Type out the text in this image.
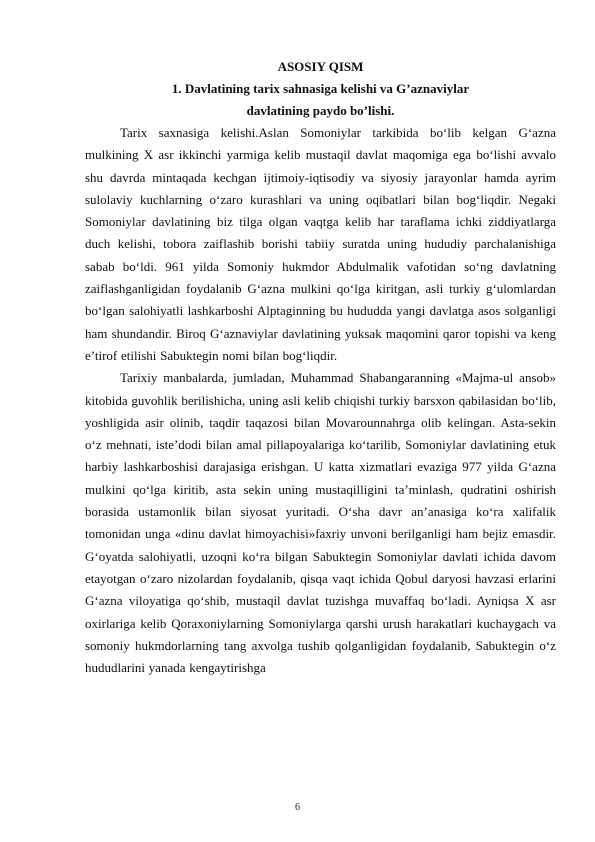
ASOSIY QISM

1. Davlatining tarix sahnasiga kelishi va G’aznaviylar

davlatining paydo bo’lishi.

Tarix saxnasiga kelishi.Aslan Somoniylar tarkibida bo‘lib kelgan G‘azna mulkining X asr ikkinchi yarmiga kelib mustaqil davlat maqomiga ega bo‘lishi avvalo shu davrda mintaqada kechgan ijtimoiy-iqtisodiy va siyosiy jarayonlar hamda ayrim sulolaviy kuchlarning o‘zaro kurashlari va uning oqibatlari bilan bog‘liqdir. Negaki Somoniylar davlatining biz tilga olgan vaqtga kelib har taraflama ichki ziddiyatlarga duch kelishi, tobora zaiflashib borishi tabiiy suratda uning hududiy parchalanishiga sabab bo‘ldi. 961 yilda Somoniy hukmdor Abdulmalik vafotidan so‘ng davlatning zaiflashganligidan foydalanib G‘azna mulkini qo‘lga kiritgan, asli turkiy g‘ulomlardan bo‘lgan salohiyatli lashkarboshi Alptaginning bu hududda yangi davlatga asos solganligi ham shundandir. Biroq G‘aznaviylar davlatining yuksak maqomini qaror topishi va keng e’tirof etilishi Sabuktegin nomi bilan bog‘liqdir.

Tarixiy manbalarda, jumladan, Muhammad Shabangaranning «Majma-ul ansob» kitobida guvohlik berilishicha, uning asli kelib chiqishi turkiy barsxon qabilasidan bo‘lib, yoshligida asir olinib, taqdir taqazosi bilan Movarounnahrga olib kelingan. Asta-sekin o‘z mehnati, iste’dodi bilan amal pillapoyalariga ko‘tarilib, Somoniylar davlatining etuk harbiy lashkarboshisi darajasiga erishgan. U katta xizmatlari evaziga 977 yilda G‘azna mulkini qo‘lga kiritib, asta sekin uning mustaqilligini ta’minlash, qudratini oshirish borasida ustamonlik bilan siyosat yuritadi. O‘sha davr an’anasiga ko‘ra xalifalik tomonidan unga «dinu davlat himoyachisi»faxriy unvoni berilganligi ham bejiz emasdir. G‘oyatda salohiyatli, uzoqni ko‘ra bilgan Sabuktegin Somoniylar davlati ichida davom etayotgan o‘zaro nizolardan foydalanib, qisqa vaqt ichida Qobul daryosi havzasi erlarini G‘azna viloyatiga qo‘shib, mustaqil davlat tuzishga muvaffaq bo‘ladi. Ayniqsa X asr oxirlariga kelib Qoraxoniylarning Somoniylarga qarshi urush harakatlari kuchaygach va somoniy hukmdorlarning tang axvolga tushib qolganligidan foydalanib, Sabuktegin o‘z hududlarini yanada kengaytirishga

6
